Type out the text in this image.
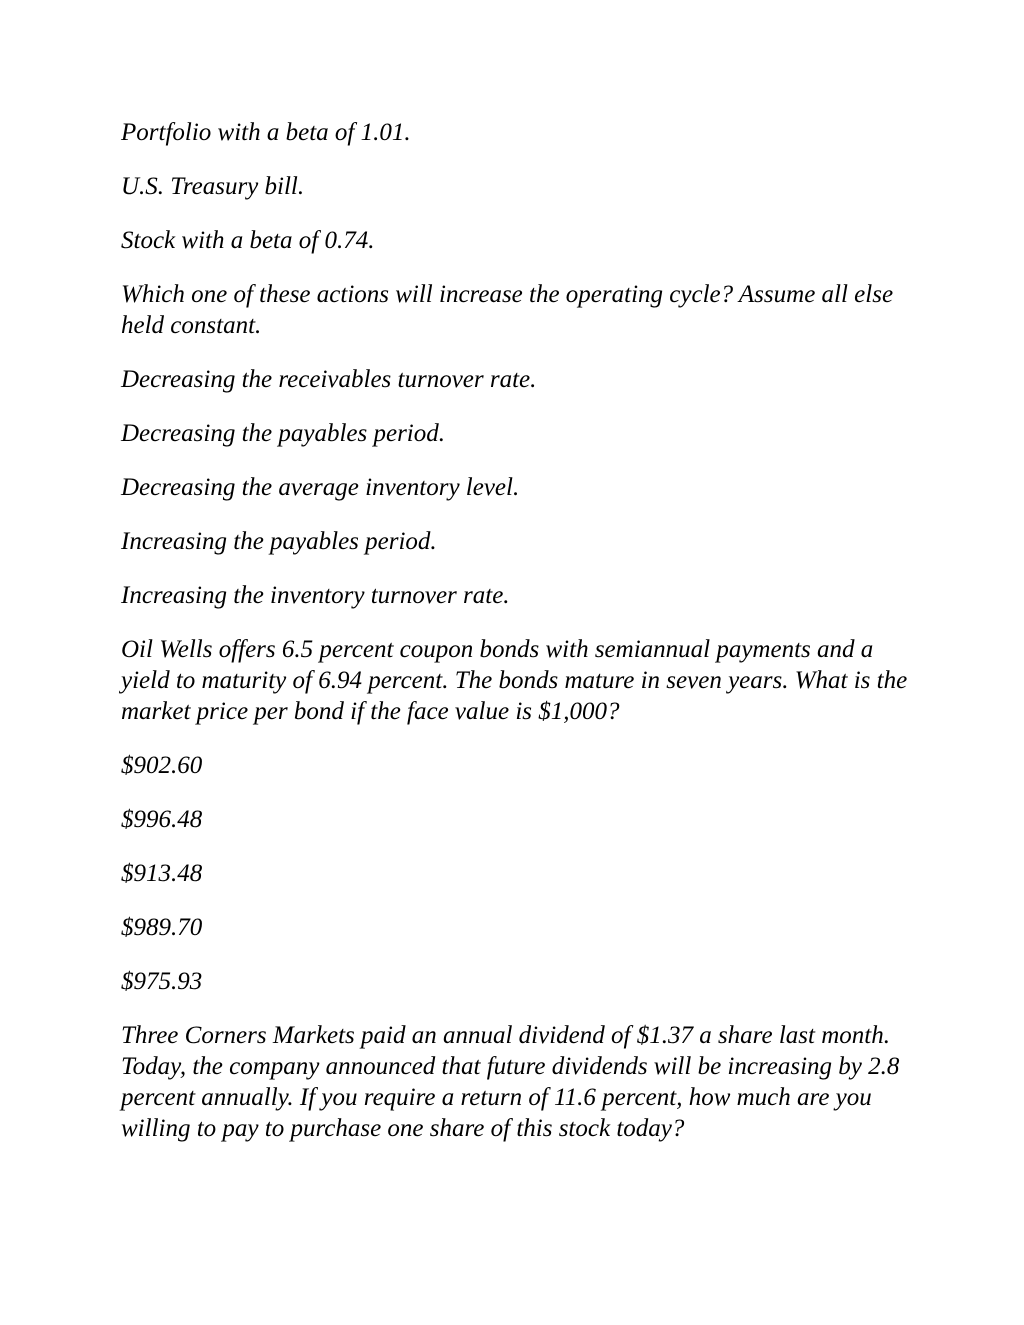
Portfolio with a beta of 1.01.

U.S. Treasury bill.

Stock with a beta of 0.74.

Which one of these actions will increase the operating cycle? Assume all else held constant.

Decreasing the receivables turnover rate.

Decreasing the payables period.

Decreasing the average inventory level.

Increasing the payables period.

Increasing the inventory turnover rate.

Oil Wells offers 6.5 percent coupon bonds with semiannual payments and a yield to maturity of 6.94 percent. The bonds mature in seven years. What is the market price per bond if the face value is $1,000?

$902.60

$996.48

$913.48

$989.70

$975.93

Three Corners Markets paid an annual dividend of $1.37 a share last month. Today, the company announced that future dividends will be increasing by 2.8 percent annually. If you require a return of 11.6 percent, how much are you willing to pay to purchase one share of this stock today?
